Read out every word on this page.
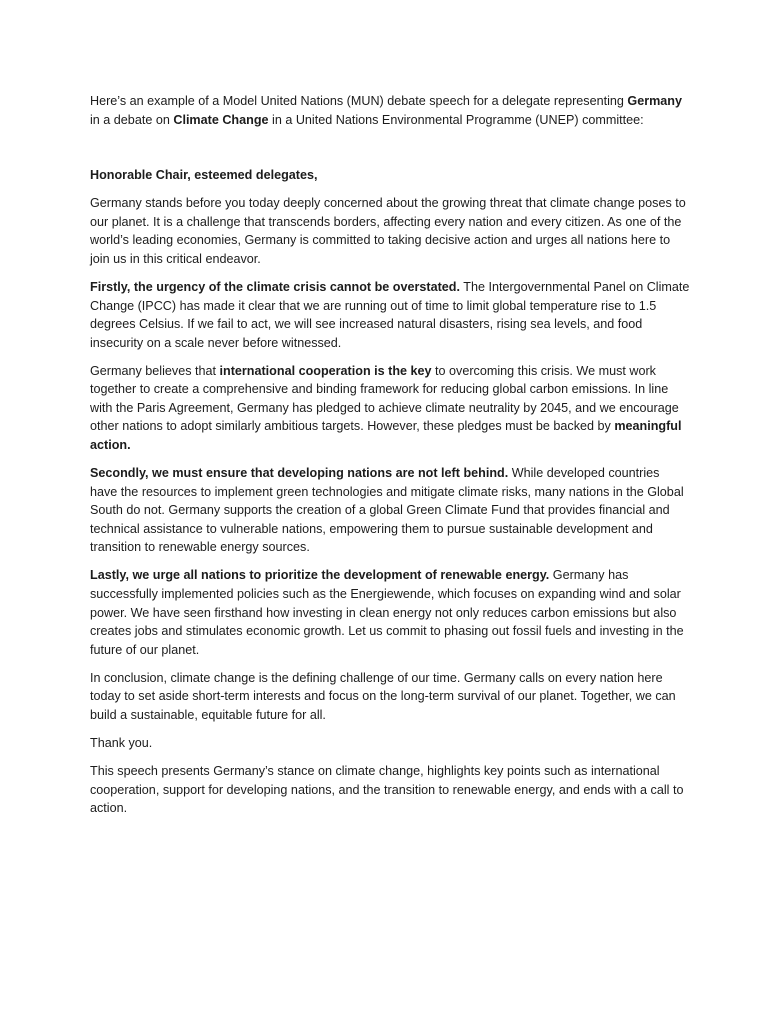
Here’s an example of a Model United Nations (MUN) debate speech for a delegate representing Germany in a debate on Climate Change in a United Nations Environmental Programme (UNEP) committee:

Honorable Chair, esteemed delegates,

Germany stands before you today deeply concerned about the growing threat that climate change poses to our planet. It is a challenge that transcends borders, affecting every nation and every citizen. As one of the world’s leading economies, Germany is committed to taking decisive action and urges all nations here to join us in this critical endeavor.

Firstly, the urgency of the climate crisis cannot be overstated. The Intergovernmental Panel on Climate Change (IPCC) has made it clear that we are running out of time to limit global temperature rise to 1.5 degrees Celsius. If we fail to act, we will see increased natural disasters, rising sea levels, and food insecurity on a scale never before witnessed.

Germany believes that international cooperation is the key to overcoming this crisis. We must work together to create a comprehensive and binding framework for reducing global carbon emissions. In line with the Paris Agreement, Germany has pledged to achieve climate neutrality by 2045, and we encourage other nations to adopt similarly ambitious targets. However, these pledges must be backed by meaningful action.

Secondly, we must ensure that developing nations are not left behind. While developed countries have the resources to implement green technologies and mitigate climate risks, many nations in the Global South do not. Germany supports the creation of a global Green Climate Fund that provides financial and technical assistance to vulnerable nations, empowering them to pursue sustainable development and transition to renewable energy sources.

Lastly, we urge all nations to prioritize the development of renewable energy. Germany has successfully implemented policies such as the Energiewende, which focuses on expanding wind and solar power. We have seen firsthand how investing in clean energy not only reduces carbon emissions but also creates jobs and stimulates economic growth. Let us commit to phasing out fossil fuels and investing in the future of our planet.

In conclusion, climate change is the defining challenge of our time. Germany calls on every nation here today to set aside short-term interests and focus on the long-term survival of our planet. Together, we can build a sustainable, equitable future for all.

Thank you.

This speech presents Germany’s stance on climate change, highlights key points such as international cooperation, support for developing nations, and the transition to renewable energy, and ends with a call to action.
